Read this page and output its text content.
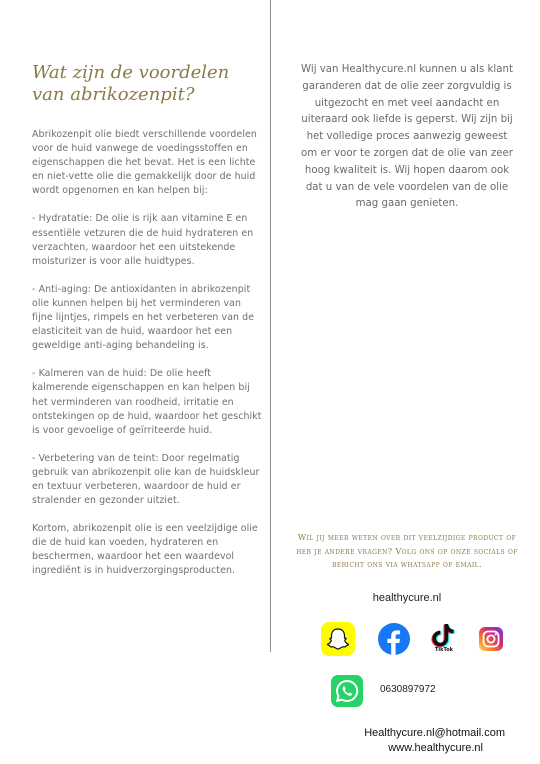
Wat zijn de voordelen van abrikozenpit?

Abrikozenpit olie biedt verschillende voordelen voor de huid vanwege de voedingsstoffen en eigenschappen die het bevat. Het is een lichte en niet-vette olie die gemakkelijk door de huid wordt opgenomen en kan helpen bij:

- Hydratatie: De olie is rijk aan vitamine E en essentiële vetzuren die de huid hydrateren en verzachten, waardoor het een uitstekende moisturizer is voor alle huidtypes.

- Anti-aging: De antioxidanten in abrikozenpit olie kunnen helpen bij het verminderen van fijne lijntjes, rimpels en het verbeteren van de elasticiteit van de huid, waardoor het een geweldige anti-aging behandeling is.

- Kalmeren van de huid: De olie heeft kalmerende eigenschappen en kan helpen bij het verminderen van roodheid, irritatie en ontstekingen op de huid, waardoor het geschikt is voor gevoelige of geïrriteerde huid.

- Verbetering van de teint: Door regelmatig gebruik van abrikozenpit olie kan de huidskleur en textuur verbeteren, waardoor de huid er stralender en gezonder uitziet.

Kortom, abrikozenpit olie is een veelzijdige olie die de huid kan voeden, hydrateren en beschermen, waardoor het een waardevol ingrediënt is in huidverzorgingsproducten.

Wij van Healthycure.nl kunnen u als klant garanderen dat de olie zeer zorgvuldig is uitgezocht en met veel aandacht en uiteraard ook liefde is geperst. Wij zijn bij het volledige proces aanwezig geweest om er voor te zorgen dat de olie van zeer hoog kwaliteit is. Wij hopen daarom ook dat u van de vele voordelen van de olie mag gaan genieten.
Wil jij meer weten over dit veelzijdige product of heb je andere vragen? Volg ons op onze socials of bericht ons via whatsapp of email.
healthycure.nl
TikTok
0630897972
Healthycure.nl@hotmail.com
www.healthycure.nl
